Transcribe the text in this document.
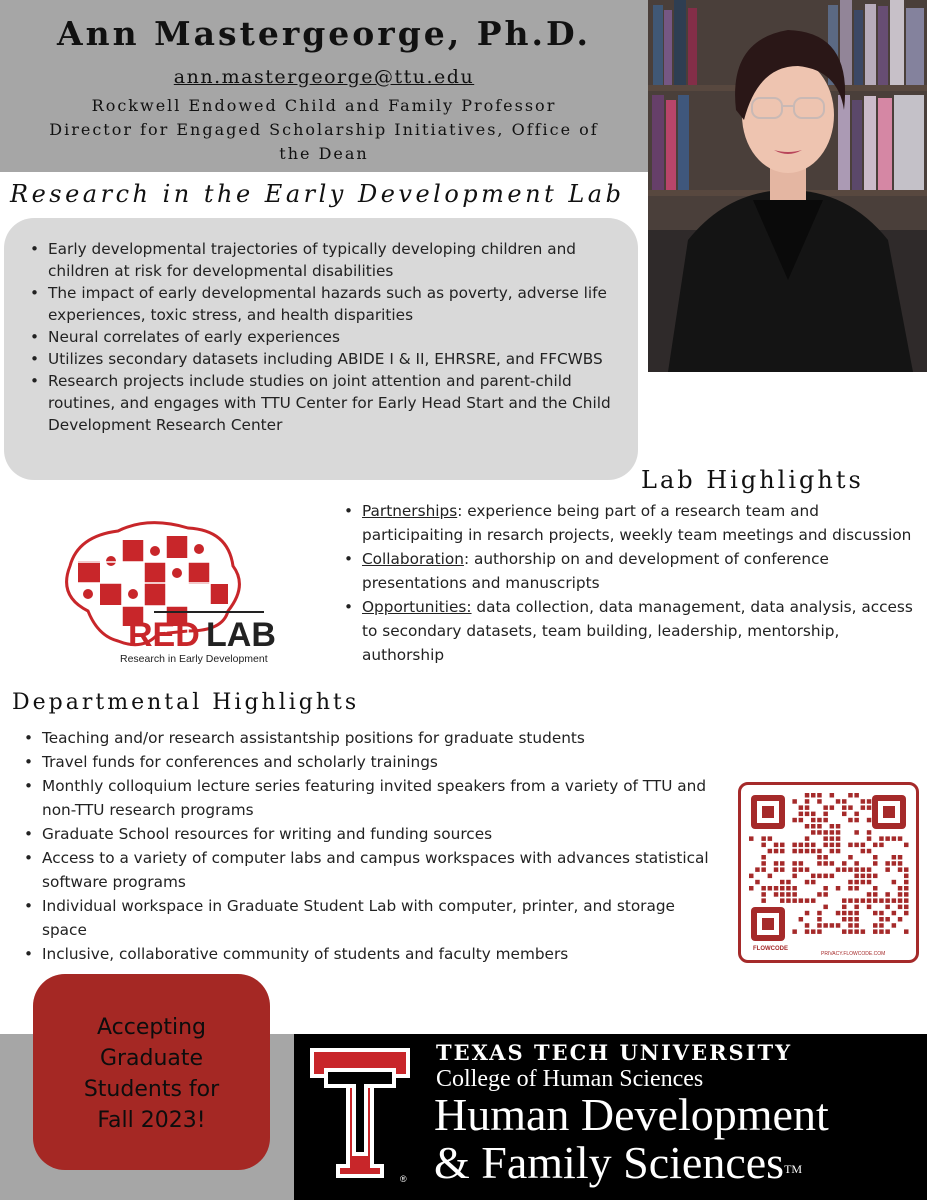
Ann Mastergeorge, Ph.D.
ann.mastergeorge@ttu.edu
Rockwell Endowed Child and Family Professor
Director for Engaged Scholarship Initiatives, Office of
the Dean
Research in the Early Development Lab
• Early developmental trajectories of typically developing children and children at risk for developmental disabilities
• The impact of early developmental hazards such as poverty, adverse life experiences, toxic stress, and health disparities
• Neural correlates of early experiences
• Utilizes secondary datasets including ABIDE I & II, EHRSRE, and FFCWBS
• Research projects include studies on joint attention and parent-child routines, and engages with TTU Center for Early Head Start and the Child Development Research Center
Lab Highlights
• Partnerships: experience being part of a research team and participaiting in resarch projects, weekly team meetings and discussion
• Collaboration: authorship on and development of conference presentations and manuscripts
• Opportunities: data collection, data management, data analysis, access to secondary datasets, team building, leadership, mentorship, authorship
RED LAB
Research in Early Development
Departmental Highlights
• Teaching and/or research assistantship positions for graduate students
• Travel funds for conferences and scholarly trainings
• Monthly colloquium lecture series featuring invited speakers from a variety of TTU and non-TTU research programs
• Graduate School resources for writing and funding sources
• Access to a variety of computer labs and campus workspaces with advances statistical software programs
• Individual workspace in Graduate Student Lab with computer, printer, and storage space
• Inclusive, collaborative community of students and faculty members	FLOWCODE
PRIVACY.FLOWCODE.COM
Accepting
Graduate
Students for
Fall 2023!
®
TEXAS TECH UNIVERSITY
College of Human Sciences
Human Development
& Family Sciences™
